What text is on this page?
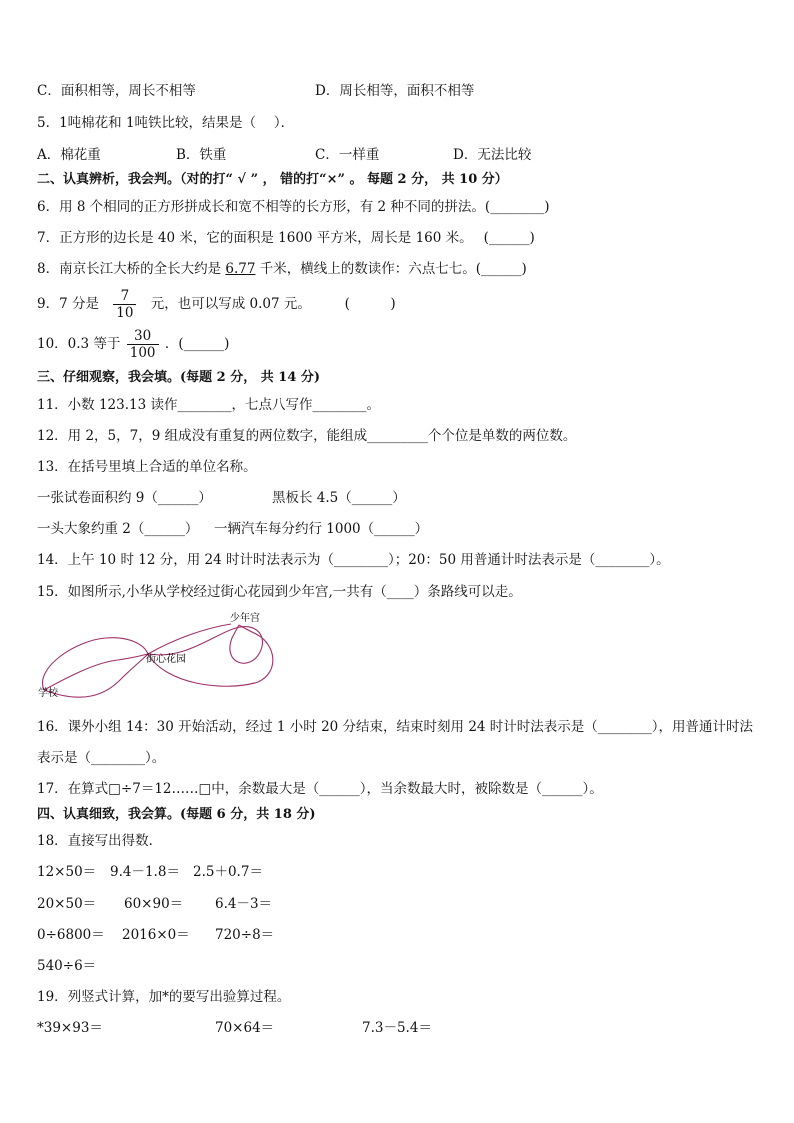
C．面积相等，周长不相等	D．周长相等，面积不相等
5．1吨棉花和 1吨铁比较，结果是（　 ）．
A．棉花重	B．铁重	C．一样重	D．无法比较
二、认真辨析，我会判。（对的打“ √ ” ， 错的打“×” 。 每题 2 分， 共 10 分）
6．用 8 个相同的正方形拼成长和宽不相等的长方形，有 2 种不同的拼法。(________)
7．正方形的边长是 40 米，它的面积是 1600 平方米，周长是 160 米。　 (______)
8．南京长江大桥的全长大约是 6.77 千米，横线上的数读作：六点七七。(______)
9．7 分是 $\frac{7}{10}$ 元，也可以写成 0.07 元。　　　(　　　)
10．0.3 等于 $\frac{30}{100}$ ．(______)
三、仔细观察，我会填。(每题 2 分， 共 14 分)
11．小数 123.13 读作________，七点八写作________。
12．用 2，5，7，9 组成没有重复的两位数字，能组成_________个个位是单数的两位数。
13．在括号里填上合适的单位名称。
一张试卷面积约 9（______）	黑板长 4.5（______）
一头大象约重 2（______） 一辆汽车每分约行 1000（______）
14．上午 10 时 12 分，用 24 时计时法表示为（________）；20：50 用普通计时法表示是（________）。
15．如图所示,小华从学校经过街心花园到少年宫,一共有（____）条路线可以走。
少年宫
街心花园
学校
16．课外小组 14：30 开始活动，经过 1 小时 20 分结束，结束时刻用 24 时计时法表示是（________），用普通计时法
表示是（________）。
17．在算式□÷7＝12……□中，余数最大是（______），当余数最大时，被除数是（______）。
四、认真细致，我会算。(每题 6 分，共 18 分)
18．直接写出得数．
12×50＝ 9.4－1.8＝ 2.5＋0.7＝
20×50＝ 60×90＝ 6.4－3＝
0÷6800＝ 2016×0＝ 720÷8＝
540÷6＝
19．列竖式计算，加*的要写出验算过程。
*39×93＝	70×64＝	7.3－5.4＝
